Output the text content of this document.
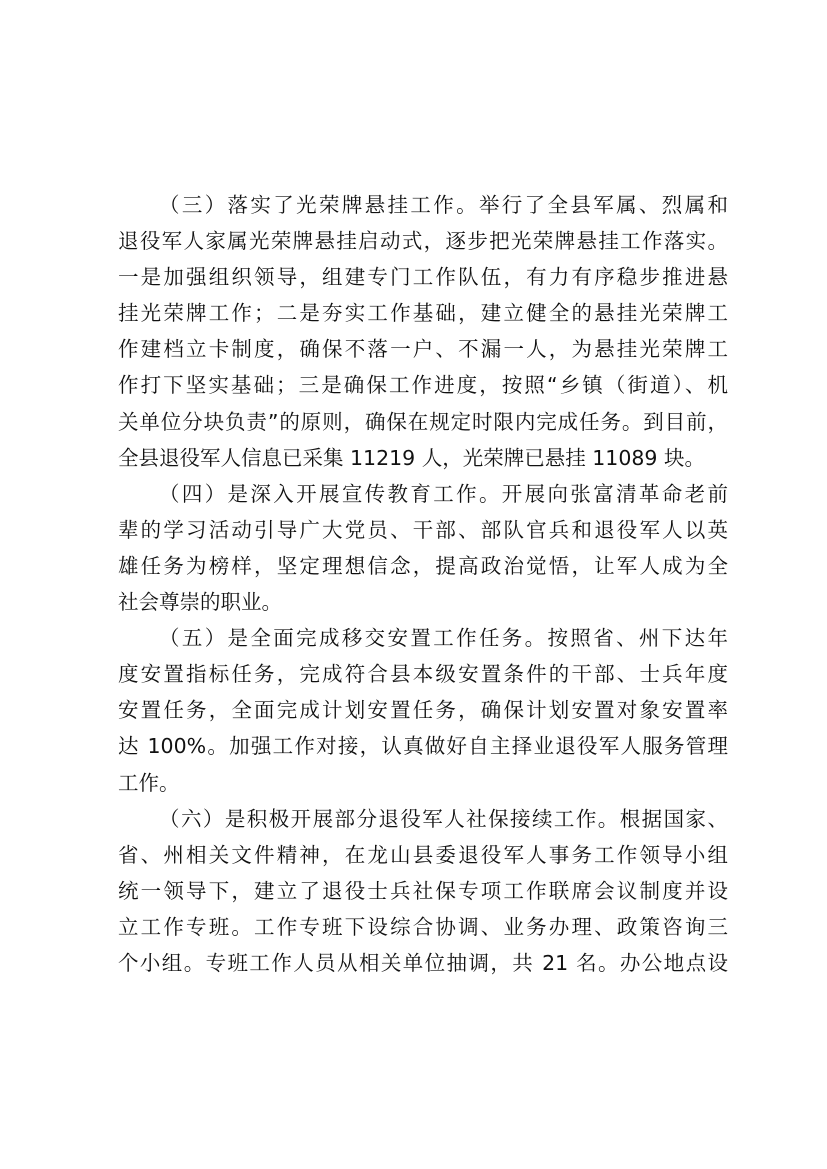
（三）落实了光荣牌悬挂工作。举行了全县军属、烈属和
退役军人家属光荣牌悬挂启动式，逐步把光荣牌悬挂工作落实。
一是加强组织领导，组建专门工作队伍，有力有序稳步推进悬
挂光荣牌工作；二是夯实工作基础，建立健全的悬挂光荣牌工
作建档立卡制度，确保不落一户、不漏一人，为悬挂光荣牌工
作打下坚实基础；三是确保工作进度，按照“乡镇（街道）、机
关单位分块负责”的原则，确保在规定时限内完成任务。到目前，
全县退役军人信息已采集 11219 人，光荣牌已悬挂 11089 块。

（四）是深入开展宣传教育工作。开展向张富清革命老前
辈的学习活动引导广大党员、干部、部队官兵和退役军人以英
雄任务为榜样，坚定理想信念，提高政治觉悟，让军人成为全
社会尊崇的职业。

（五）是全面完成移交安置工作任务。按照省、州下达年
度安置指标任务，完成符合县本级安置条件的干部、士兵年度
安置任务，全面完成计划安置任务，确保计划安置对象安置率
达 100%。加强工作对接，认真做好自主择业退役军人服务管理
工作。

（六）是积极开展部分退役军人社保接续工作。根据国家、
省、州相关文件精神，在龙山县委退役军人事务工作领导小组
统一领导下，建立了退役士兵社保专项工作联席会议制度并设
立工作专班。工作专班下设综合协调、业务办理、政策咨询三
个小组。专班工作人员从相关单位抽调，共 21 名。办公地点设
